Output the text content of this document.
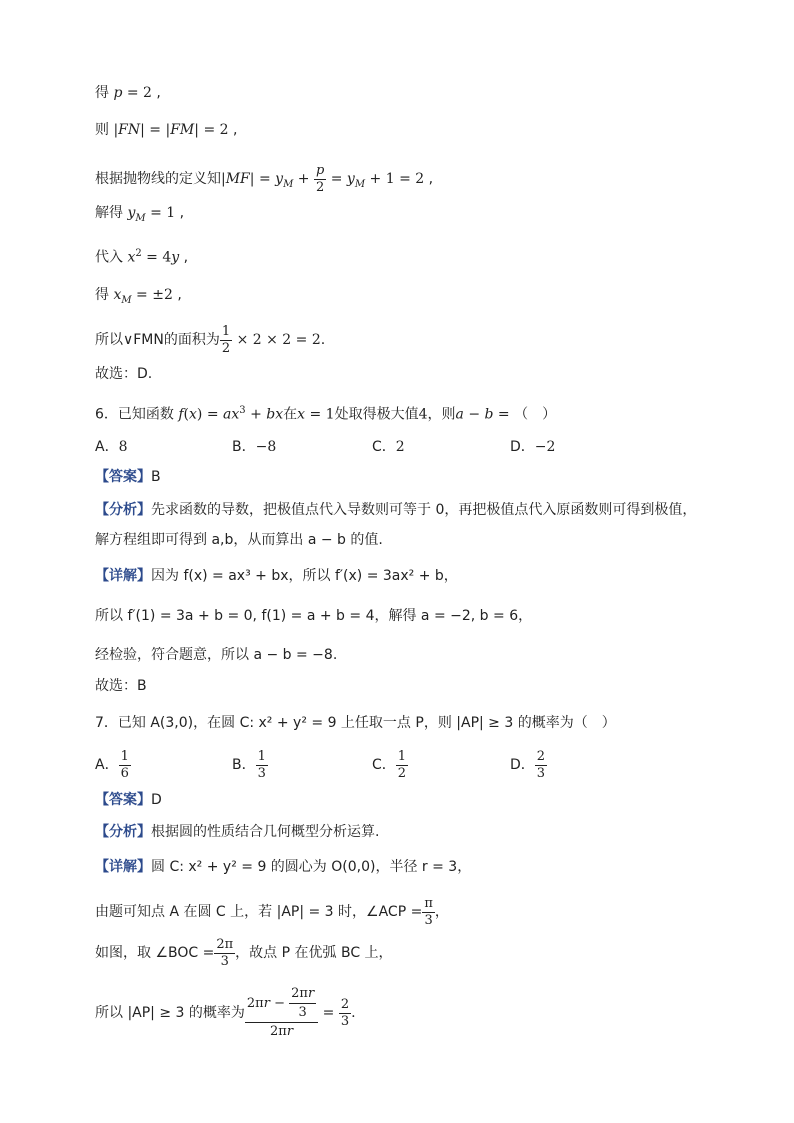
得 p = 2 ,
则 |FN| = |FM| = 2 ,
根据抛物线的定义知$|MF| = y_M + \frac{p}{2} = y_M + 1 = 2$ ,
解得 $y_M = 1$ ,
代入 $x^2 = 4y$ ,
得 $x_M = \pm 2$ ,
所以∨FMN的面积为 $\frac{1}{2} \times 2 \times 2 = 2$.
故选：D.
6．已知函数 $f(x) = ax^3$ + bx在x = 1处取得极大值4，则a − b = （　）
A．8	B．−8	C．2	D．−2
【答案】B
【分析】先求函数的导数，把极值点代入导数则可等于 0，再把极值点代入原函数则可得到极值，
解方程组即可得到 a,b，从而算出 a − b 的值.
【详解】因为 f(x) = ax³ + bx，所以 f′(x) = 3ax² + b，
所以 f′(1) = 3a + b = 0, f(1) = a + b = 4，解得 a = −2, b = 6，
经检验，符合题意，所以 a − b = −8.
故选：B
7．已知 A(3,0)，在圆 C: x² + y² = 9 上任取一点 P，则 |AP| ≥ 3 的概率为（　）
A． $\frac{1}{6}$	B． $\frac{1}{3}$	C． $\frac{1}{2}$	D． $\frac{2}{3}$
【答案】D
【分析】根据圆的性质结合几何概型分析运算.
【详解】圆 C: x² + y² = 9 的圆心为 O(0,0)，半径 r = 3，
由题可知点 A 在圆 C 上，若 |AP| = 3 时，∠ACP = $\frac{\pi}{3}$ ，
如图，取 ∠BOC = $\frac{2\pi}{3}$ ，故点 P 在优弧 BC 上，
所以 |AP| ≥ 3 的概率为 $\frac{2\pi r - \frac{2\pi r}{3}}{2\pi r} = \frac{2}{3}$ .
